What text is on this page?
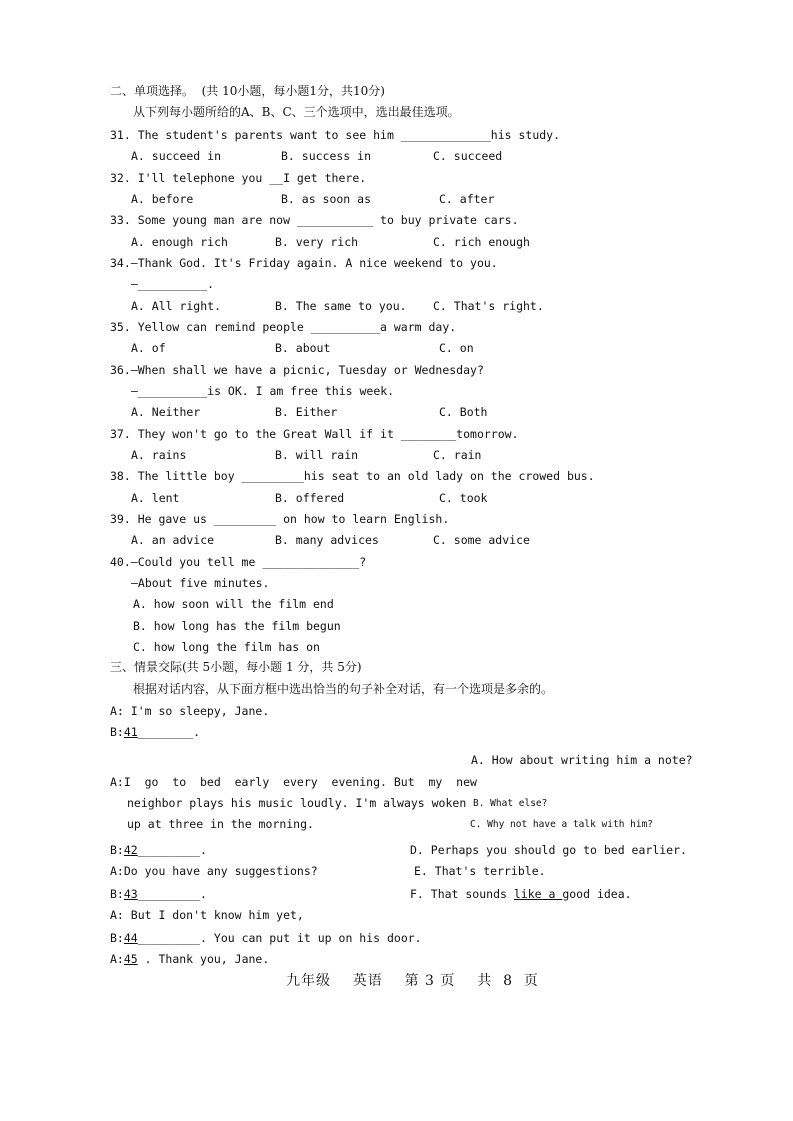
二、单项选择。  (共 10小题，每小题1分，共10分)
从下列每小题所给的A、B、C、三个选项中，选出最佳选项。
31. The student's parents want to see him _____________his study.
A. succeed in	B. success in	C. succeed
32. I'll telephone you __I get there.
A. before	B. as soon as	C. after
33. Some young man are now ___________ to buy private cars.
A. enough rich	B. very rich	C. rich enough
34.—Thank God. It's Friday again. A nice weekend to you.
—__________.
A. All right.	B. The same to you. C. That's right.
35. Yellow can remind people __________a warm day.
A. of	B. about	C. on
36.—When shall we have a picnic, Tuesday or Wednesday?
—__________is OK. I am free this week.
A. Neither	B. Either	C. Both
37. They won't go to the Great Wall if it ________tomorrow.
A. rains	B. will rain	C. rain
38. The little boy _________his seat to an old lady on the crowed bus.
A. lent	B. offered	C. took
39. He gave us _________ on how to learn English.
A. an advice	B. many advices	C. some advice
40.—Could you tell me ______________?
—About five minutes.
A. how soon will the film end
B. how long has the film begun
C. how long the film has on
三、情景交际(共 5小题，每小题 1 分，共 5分)
根据对话内容，从下面方框中选出恰当的句子补全对话，有一个选项是多余的。
A: I'm so sleepy, Jane.
B:41________.
A. How about writing him a note?
A:I  go  to  bed  early  every  evening. But  my  new
neighbor plays his music loudly. I'm always woken
up at three in the morning.
B. What else?
C. Why not have a talk with him?
B:42_________.	D. Perhaps you should go to bed earlier.
A:Do you have any suggestions?	E. That's terrible.
B:43_________.	F. That sounds like a good idea.
A: But I don't know him yet,
B:44_________. You can put it up on his door.
A:45 . Thank you, Jane.
九年级    英语    第 3 页    共  8  页
